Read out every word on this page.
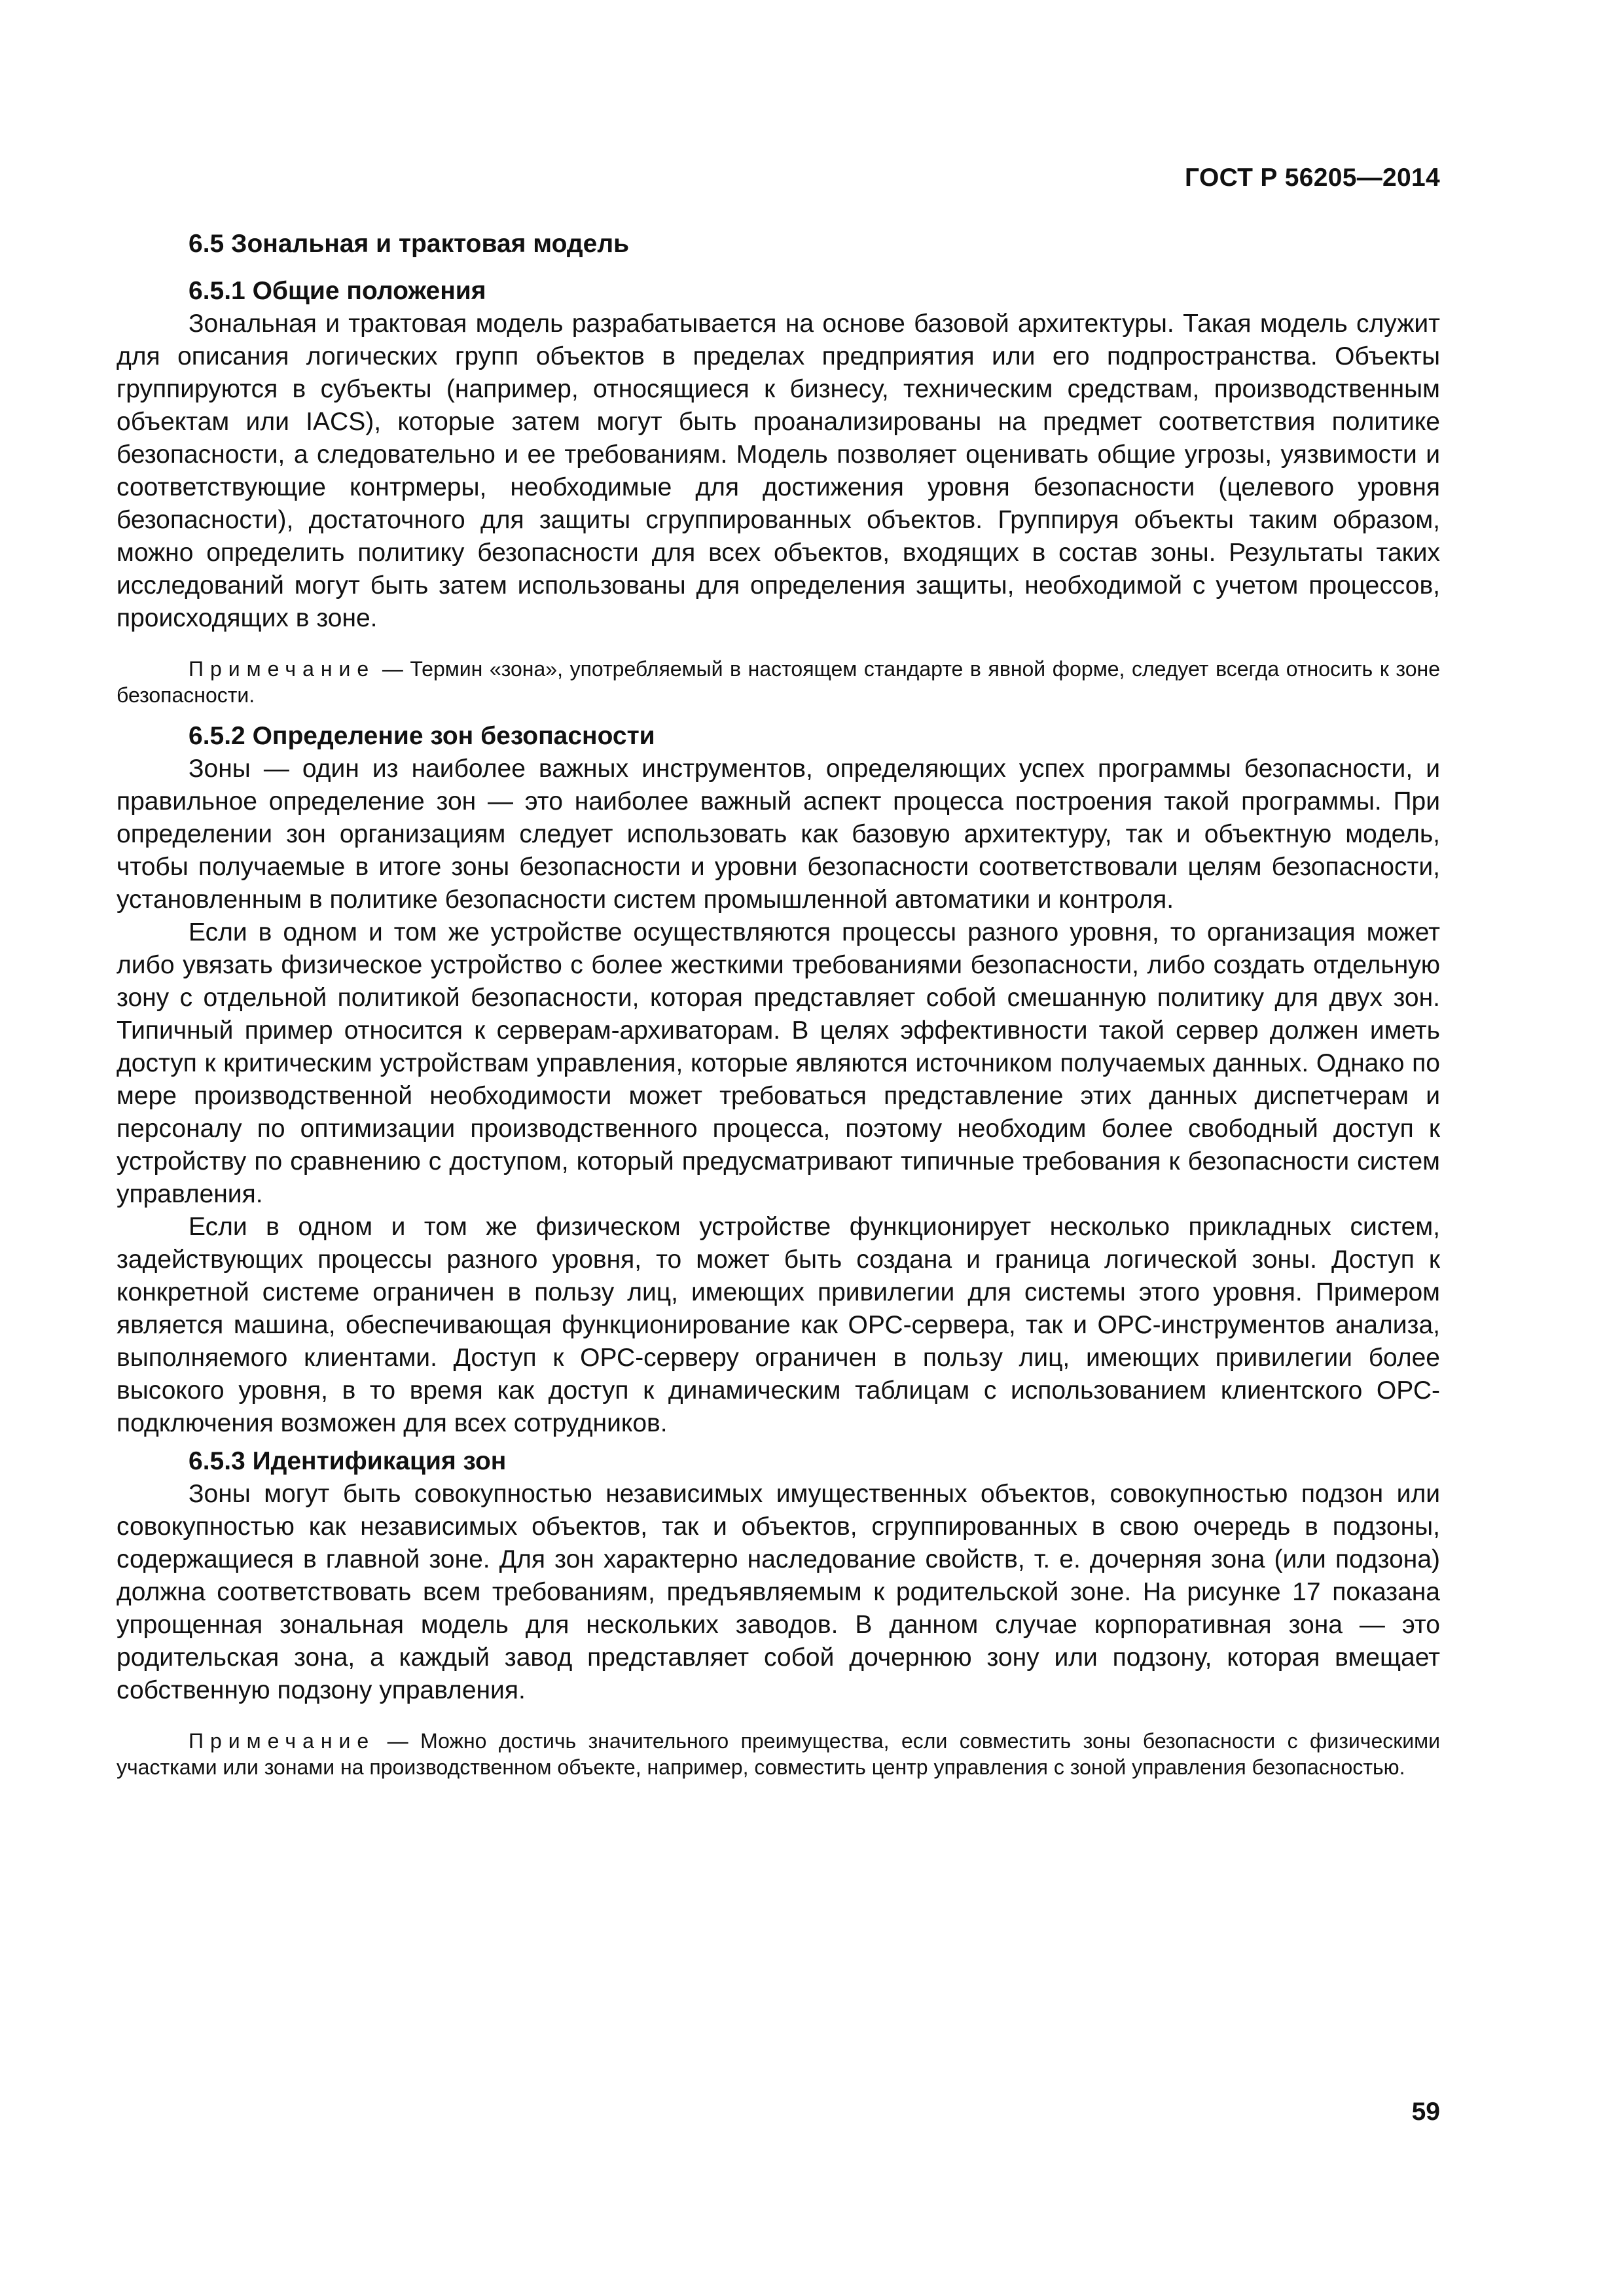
ГОСТ Р 56205—2014
6.5 Зональная и трактовая модель
6.5.1 Общие положения

Зональная и трактовая модель разрабатывается на основе базовой архитектуры. Такая модель служит для описания логических групп объектов в пределах предприятия или его подпространства. Объекты группируются в субъекты (например, относящиеся к бизнесу, техническим средствам, производственным объектам или IACS), которые затем могут быть проанализированы на предмет соответствия политике безопасности, а следовательно и ее требованиям. Модель позволяет оценивать общие угрозы, уязвимости и соответствующие контрмеры, необходимые для достижения уровня безопасности (целевого уровня безопасности), достаточного для защиты сгруппированных объектов. Группируя объекты таким образом, можно определить политику безопасности для всех объектов, входящих в состав зоны. Результаты таких исследований могут быть затем использованы для определения защиты, необходимой с учетом процессов, происходящих в зоне.

Примечание — Термин «зона», употребляемый в настоящем стандарте в явной форме, следует всегда относить к зоне безопасности.
6.5.2 Определение зон безопасности

Зоны — один из наиболее важных инструментов, определяющих успех программы безопасности, и правильное определение зон — это наиболее важный аспект процесса построения такой программы. При определении зон организациям следует использовать как базовую архитектуру, так и объектную модель, чтобы получаемые в итоге зоны безопасности и уровни безопасности соответствовали целям безопасности, установленным в политике безопасности систем промышленной автоматики и контроля.

Если в одном и том же устройстве осуществляются процессы разного уровня, то организация может либо увязать физическое устройство с более жесткими требованиями безопасности, либо создать отдельную зону с отдельной политикой безопасности, которая представляет собой смешанную политику для двух зон. Типичный пример относится к серверам-архиваторам. В целях эффективности такой сервер должен иметь доступ к критическим устройствам управления, которые являются источником получаемых данных. Однако по мере производственной необходимости может требоваться представление этих данных диспетчерам и персоналу по оптимизации производственного процесса, поэтому необходим более свободный доступ к устройству по сравнению с доступом, который предусматривают типичные требования к безопасности систем управления.

Если в одном и том же физическом устройстве функционирует несколько прикладных систем, задействующих процессы разного уровня, то может быть создана и граница логической зоны. Доступ к конкретной системе ограничен в пользу лиц, имеющих привилегии для системы этого уровня. Примером является машина, обеспечивающая функционирование как ОРС-сервера, так и ОРС-инструментов анализа, выполняемого клиентами. Доступ к ОРС-серверу ограничен в пользу лиц, имеющих привилегии более высокого уровня, в то время как доступ к динамическим таблицам с использованием клиентского ОРС-подключения возможен для всех сотрудников.

6.5.3 Идентификация зон

Зоны могут быть совокупностью независимых имущественных объектов, совокупностью подзон или совокупностью как независимых объектов, так и объектов, сгруппированных в свою очередь в подзоны, содержащиеся в главной зоне. Для зон характерно наследование свойств, т. е. дочерняя зона (или подзона) должна соответствовать всем требованиям, предъявляемым к родительской зоне. На рисунке 17 показана упрощенная зональная модель для нескольких заводов. В данном случае корпоративная зона — это родительская зона, а каждый завод представляет собой дочернюю зону или подзону, которая вмещает собственную подзону управления.

Примечание — Можно достичь значительного преимущества, если совместить зоны безопасности с физическими участками или зонами на производственном объекте, например, совместить центр управления с зоной управления безопасностью.
59
